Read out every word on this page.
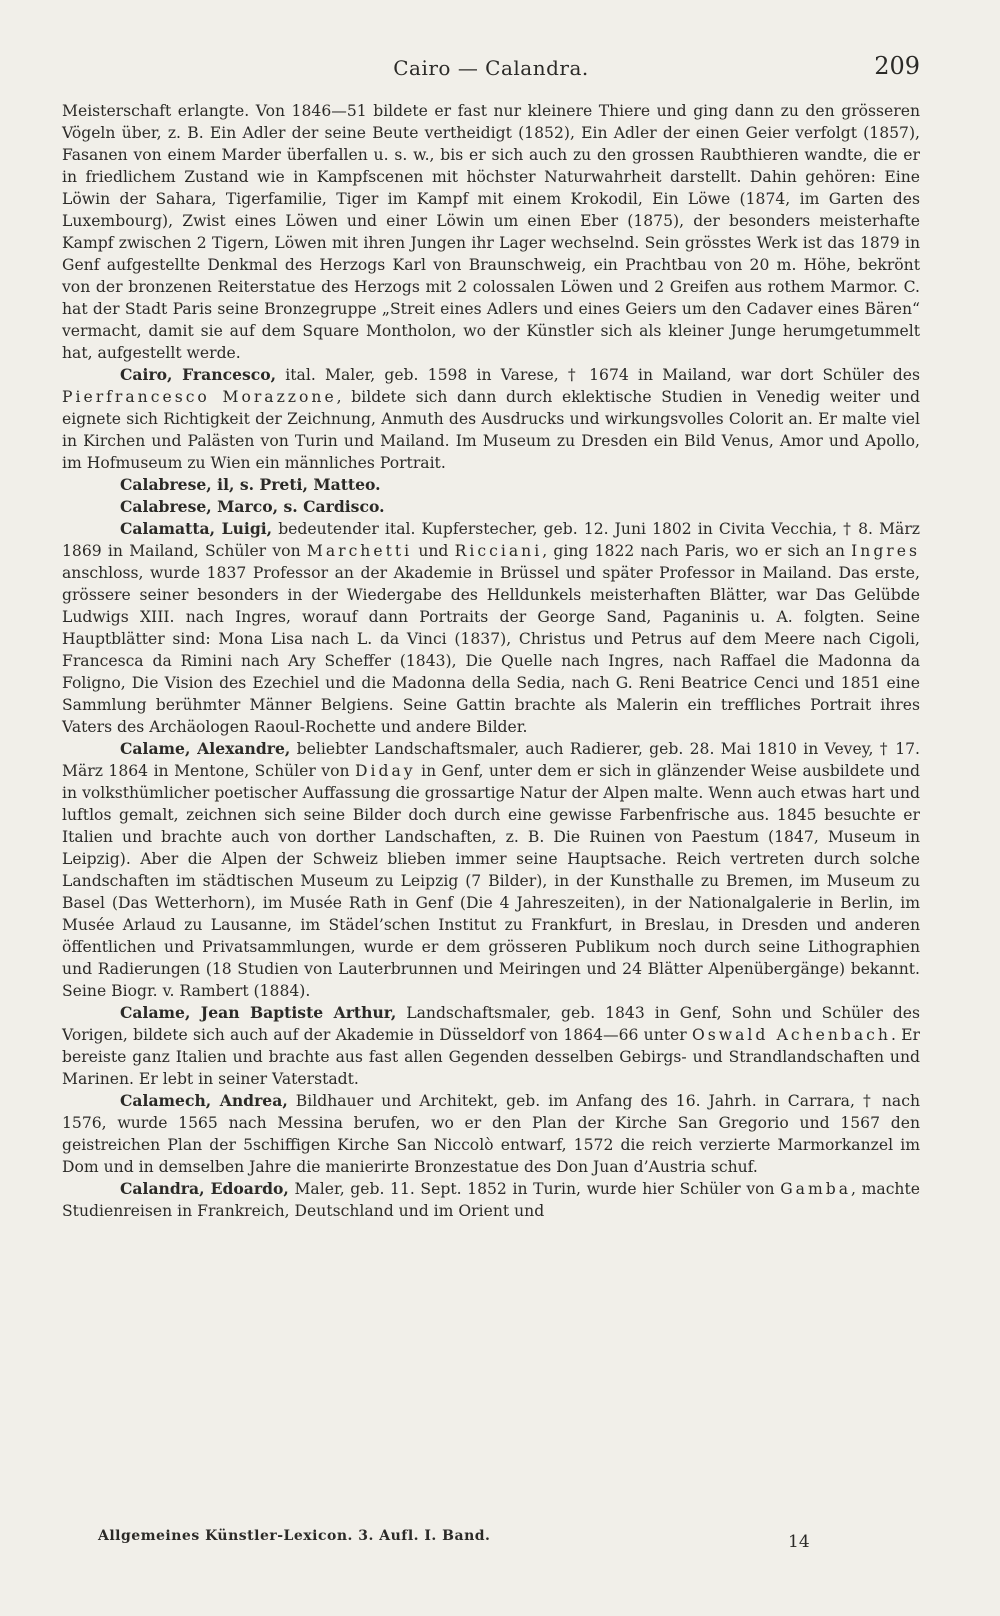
Cairo — Calandra.	209

Meisterschaft erlangte. Von 1846—51 bildete er fast nur kleinere Thiere und ging dann zu den grösseren Vögeln über, z. B. Ein Adler der seine Beute vertheidigt (1852), Ein Adler der einen Geier verfolgt (1857), Fasanen von einem Marder überfallen u. s. w., bis er sich auch zu den grossen Raubthieren wandte, die er in friedlichem Zustand wie in Kampfscenen mit höchster Naturwahrheit darstellt. Dahin gehören: Eine Löwin der Sahara, Tigerfamilie, Tiger im Kampf mit einem Krokodil, Ein Löwe (1874, im Garten des Luxembourg), Zwist eines Löwen und einer Löwin um einen Eber (1875), der besonders meisterhafte Kampf zwischen 2 Tigern, Löwen mit ihren Jungen ihr Lager wechselnd. Sein grösstes Werk ist das 1879 in Genf aufgestellte Denkmal des Herzogs Karl von Braunschweig, ein Prachtbau von 20 m. Höhe, bekrönt von der bronzenen Reiterstatue des Herzogs mit 2 colossalen Löwen und 2 Greifen aus rothem Marmor. C. hat der Stadt Paris seine Bronzegruppe „Streit eines Adlers und eines Geiers um den Cadaver eines Bären“ vermacht, damit sie auf dem Square Montholon, wo der Künstler sich als kleiner Junge herumgetummelt hat, aufgestellt werde.

Cairo, Francesco, ital. Maler, geb. 1598 in Varese, † 1674 in Mailand, war dort Schüler des Pierfrancesco Morazzone, bildete sich dann durch eklektische Studien in Venedig weiter und eignete sich Richtigkeit der Zeichnung, Anmuth des Ausdrucks und wirkungsvolles Colorit an. Er malte viel in Kirchen und Palästen von Turin und Mailand. Im Museum zu Dresden ein Bild Venus, Amor und Apollo, im Hofmuseum zu Wien ein männliches Portrait.

Calabrese, il, s. Preti, Matteo.

Calabrese, Marco, s. Cardisco.

Calamatta, Luigi, bedeutender ital. Kupferstecher, geb. 12. Juni 1802 in Civita Vecchia, † 8. März 1869 in Mailand, Schüler von Marchetti und Ricciani, ging 1822 nach Paris, wo er sich an Ingres anschloss, wurde 1837 Professor an der Akademie in Brüssel und später Professor in Mailand. Das erste, grössere seiner besonders in der Wiedergabe des Helldunkels meisterhaften Blätter, war Das Gelübde Ludwigs XIII. nach Ingres, worauf dann Portraits der George Sand, Paganinis u. A. folgten. Seine Hauptblätter sind: Mona Lisa nach L. da Vinci (1837), Christus und Petrus auf dem Meere nach Cigoli, Francesca da Rimini nach Ary Scheffer (1843), Die Quelle nach Ingres, nach Raffael die Madonna da Foligno, Die Vision des Ezechiel und die Madonna della Sedia, nach G. Reni Beatrice Cenci und 1851 eine Sammlung berühmter Männer Belgiens. Seine Gattin brachte als Malerin ein treffliches Portrait ihres Vaters des Archäologen Raoul-Rochette und andere Bilder.

Calame, Alexandre, beliebter Landschaftsmaler, auch Radierer, geb. 28. Mai 1810 in Vevey, † 17. März 1864 in Mentone, Schüler von Diday in Genf, unter dem er sich in glänzender Weise ausbildete und in volksthümlicher poetischer Auffassung die grossartige Natur der Alpen malte. Wenn auch etwas hart und luftlos gemalt, zeichnen sich seine Bilder doch durch eine gewisse Farbenfrische aus. 1845 besuchte er Italien und brachte auch von dorther Landschaften, z. B. Die Ruinen von Paestum (1847, Museum in Leipzig). Aber die Alpen der Schweiz blieben immer seine Hauptsache. Reich vertreten durch solche Landschaften im städtischen Museum zu Leipzig (7 Bilder), in der Kunsthalle zu Bremen, im Museum zu Basel (Das Wetterhorn), im Musée Rath in Genf (Die 4 Jahreszeiten), in der Nationalgalerie in Berlin, im Musée Arlaud zu Lausanne, im Städel’schen Institut zu Frankfurt, in Breslau, in Dresden und anderen öffentlichen und Privatsammlungen, wurde er dem grösseren Publikum noch durch seine Lithographien und Radierungen (18 Studien von Lauterbrunnen und Meiringen und 24 Blätter Alpenübergänge) bekannt. Seine Biogr. v. Rambert (1884).

Calame, Jean Baptiste Arthur, Landschaftsmaler, geb. 1843 in Genf, Sohn und Schüler des Vorigen, bildete sich auch auf der Akademie in Düsseldorf von 1864—66 unter Oswald Achenbach. Er bereiste ganz Italien und brachte aus fast allen Gegenden desselben Gebirgs- und Strandlandschaften und Marinen. Er lebt in seiner Vaterstadt.

Calamech, Andrea, Bildhauer und Architekt, geb. im Anfang des 16. Jahrh. in Carrara, † nach 1576, wurde 1565 nach Messina berufen, wo er den Plan der Kirche San Gregorio und 1567 den geistreichen Plan der 5schiffigen Kirche San Niccolò entwarf, 1572 die reich verzierte Marmorkanzel im Dom und in demselben Jahre die manierirte Bronzestatue des Don Juan d’Austria schuf.

Calandra, Edoardo, Maler, geb. 11. Sept. 1852 in Turin, wurde hier Schüler von Gamba, machte Studienreisen in Frankreich, Deutschland und im Orient und

Allgemeines Künstler-Lexicon. 3. Aufl. I. Band.	14
